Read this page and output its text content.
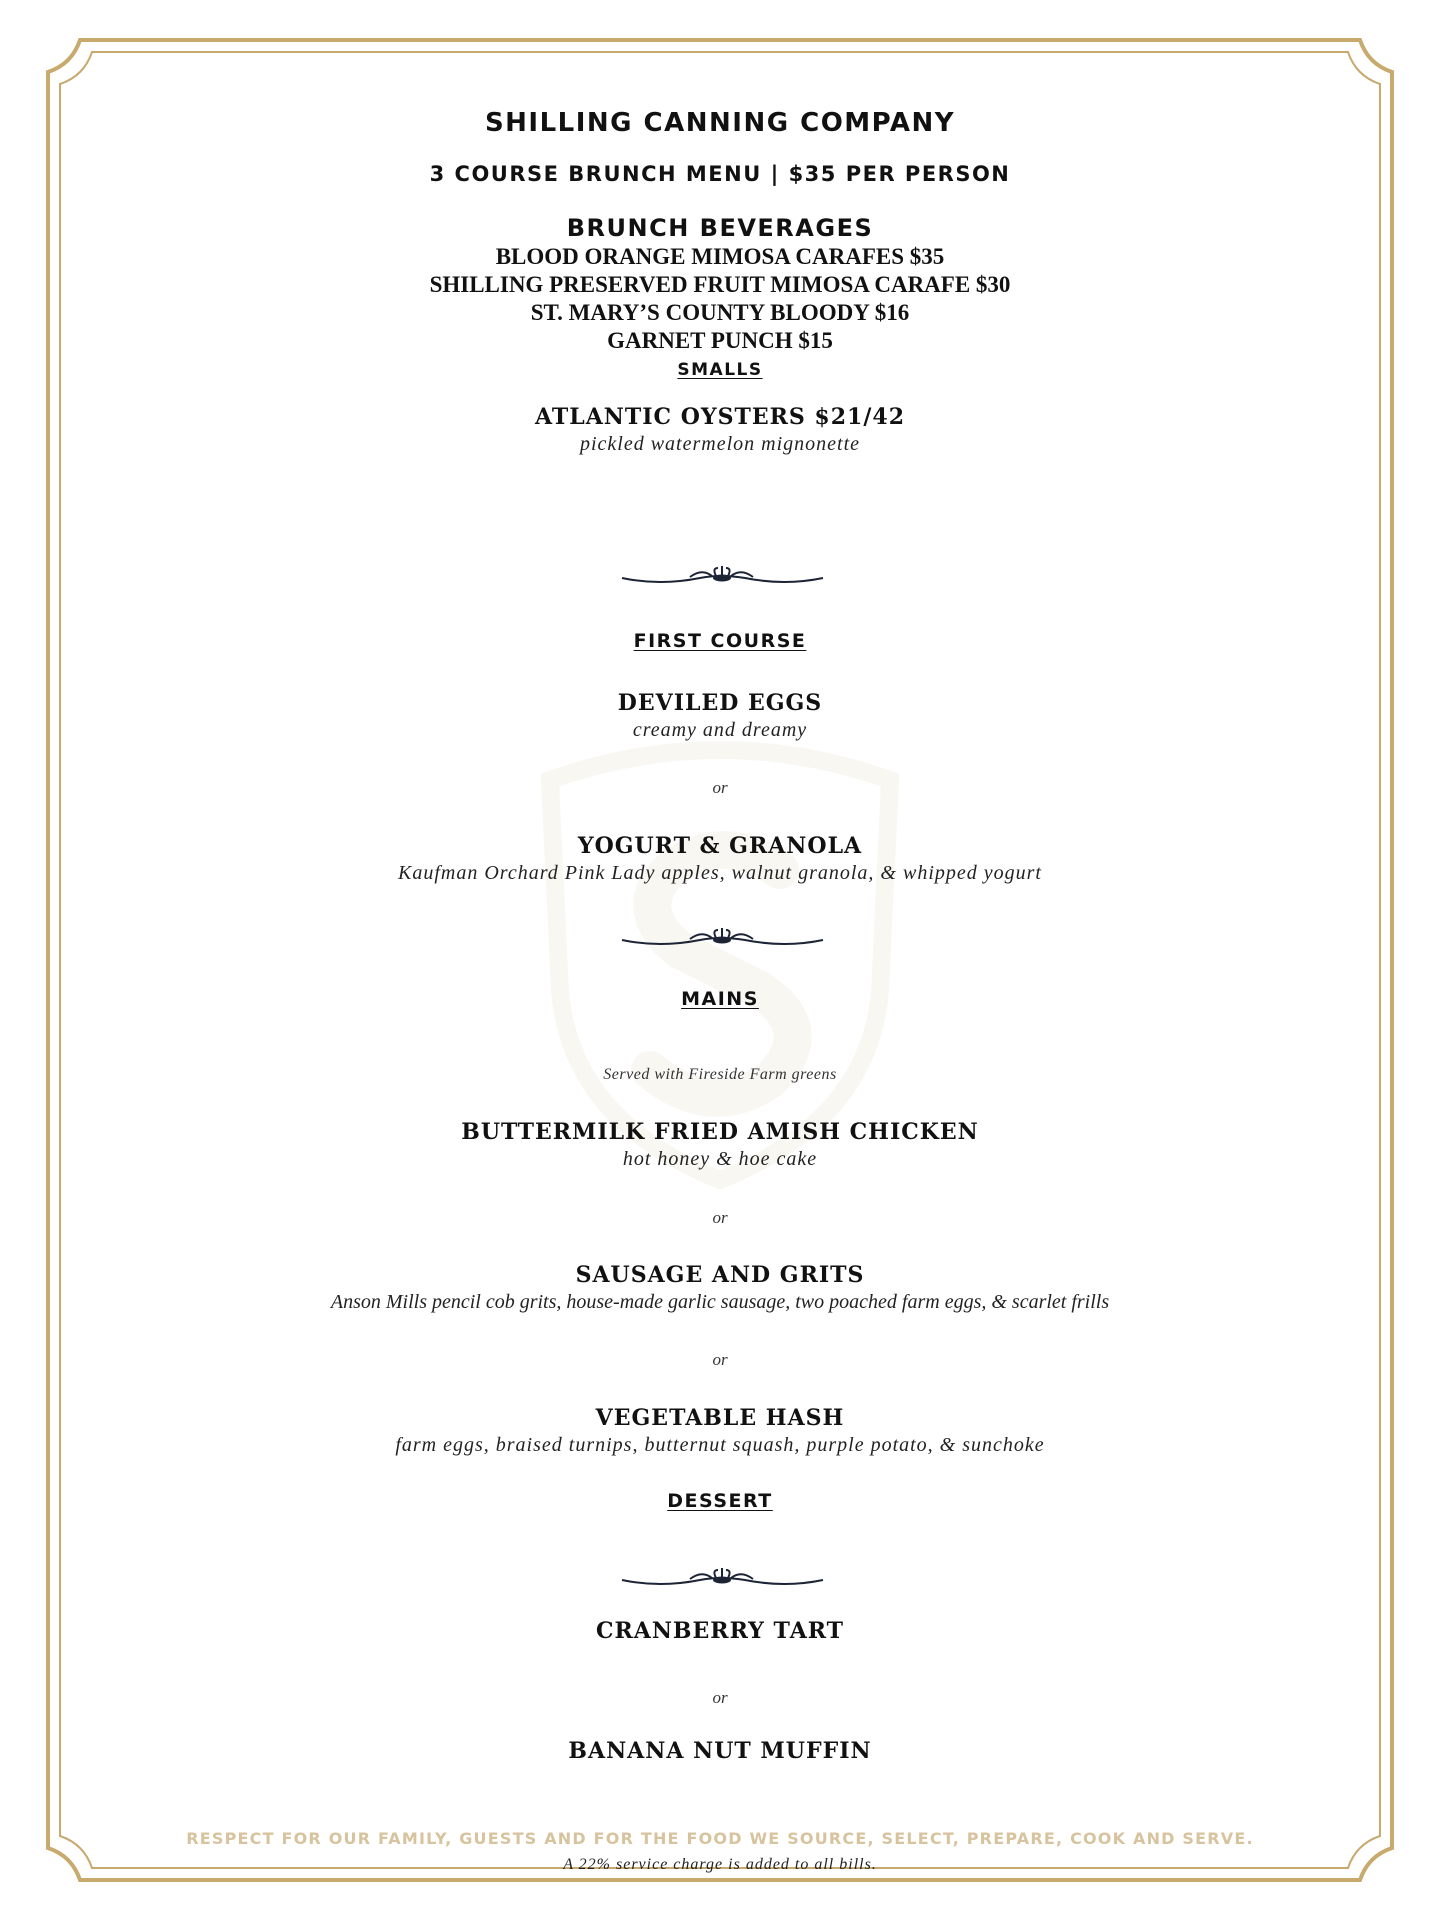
SHILLING CANNING COMPANY
3 COURSE BRUNCH MENU | $35 PER PERSON
BRUNCH BEVERAGES
BLOOD ORANGE MIMOSA CARAFES $35
SHILLING PRESERVED FRUIT MIMOSA CARAFE $30
ST. MARY’S COUNTY BLOODY $16
GARNET PUNCH $15
SMALLS
ATLANTIC OYSTERS $21/42
pickled watermelon mignonette
FIRST COURSE
DEVILED EGGS
creamy and dreamy
or
YOGURT & GRANOLA
Kaufman Orchard Pink Lady apples, walnut granola, & whipped yogurt
MAINS
Served with Fireside Farm greens
BUTTERMILK FRIED AMISH CHICKEN
hot honey & hoe cake
or
SAUSAGE AND GRITS
Anson Mills pencil cob grits, house-made garlic sausage, two poached farm eggs, & scarlet frills
or
VEGETABLE HASH
farm eggs, braised turnips, butternut squash, purple potato, & sunchoke
DESSERT
CRANBERRY TART
or
BANANA NUT MUFFIN
RESPECT FOR OUR FAMILY, GUESTS AND FOR THE FOOD WE SOURCE, SELECT, PREPARE, COOK AND SERVE.
A 22% service charge is added to all bills.
